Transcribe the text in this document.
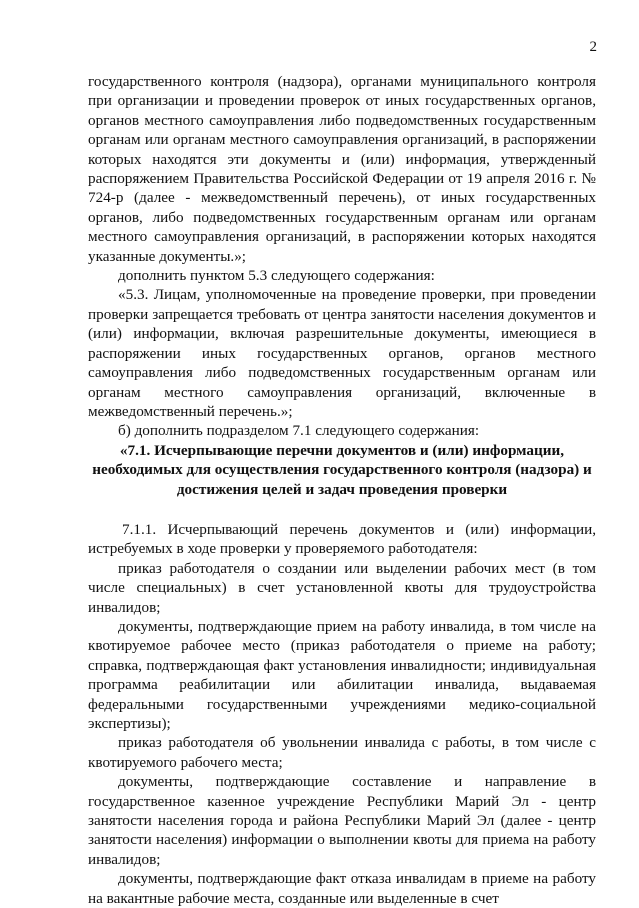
2

государственного контроля (надзора), органами муниципального контроля при организации и проведении проверок от иных государственных органов, органов местного самоуправления либо подведомственных государственным органам или органам местного самоуправления организаций, в распоряжении которых находятся эти документы и (или) информация, утвержденный распоряжением Правительства Российской Федерации от 19 апреля 2016 г. № 724-р (далее - межведомственный перечень), от иных государственных органов, либо подведомственных государственным органам или органам местного самоуправления организаций, в распоряжении которых находятся указанные документы.»;

дополнить пунктом 5.3 следующего содержания:

«5.3. Лицам, уполномоченные на проведение проверки, при проведении проверки запрещается требовать от центра занятости населения документов и (или) информации, включая разрешительные документы, имеющиеся в распоряжении иных государственных органов, органов местного самоуправления либо подведомственных государственным органам или органам местного самоуправления организаций, включенные в межведомственный перечень.»;

б) дополнить подразделом 7.1 следующего содержания:

«7.1. Исчерпывающие перечни документов и (или) информации, необходимых для осуществления государственного контроля (надзора) и достижения целей и задач проведения проверки

7.1.1. Исчерпывающий перечень документов и (или) информации, истребуемых в ходе проверки у проверяемого работодателя:

приказ работодателя о создании или выделении рабочих мест (в том числе специальных) в счет установленной квоты для трудоустройства инвалидов;

документы, подтверждающие прием на работу инвалида, в том числе на квотируемое рабочее место (приказ работодателя о приеме на работу; справка, подтверждающая факт установления инвалидности; индивидуальная программа реабилитации или абилитации инвалида, выдаваемая федеральными государственными учреждениями медико-социальной экспертизы);

приказ работодателя об увольнении инвалида с работы, в том числе с квотируемого рабочего места;

документы, подтверждающие составление и направление в государственное казенное учреждение Республики Марий Эл - центр занятости населения города и района Республики Марий Эл (далее - центр занятости населения) информации о выполнении квоты для приема на работу инвалидов;

документы, подтверждающие факт отказа инвалидам в приеме на работу на вакантные рабочие места, созданные или выделенные в счет
